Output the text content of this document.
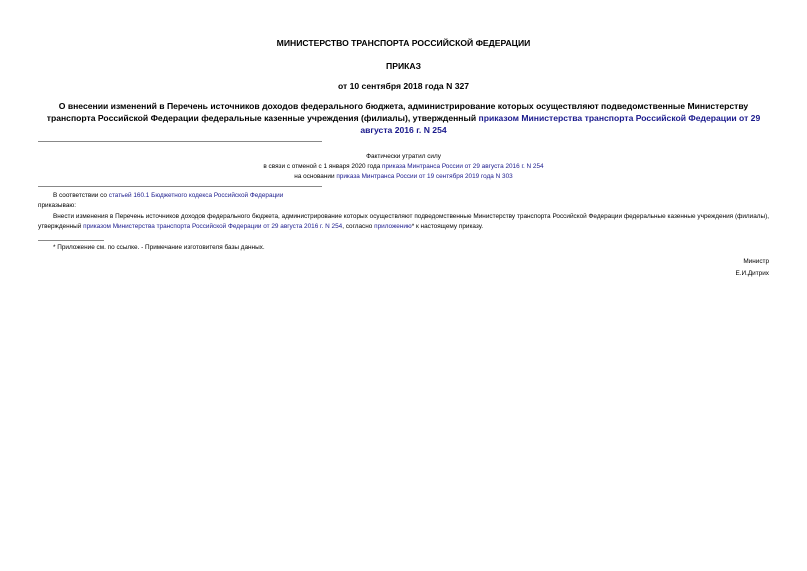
МИНИСТЕРСТВО ТРАНСПОРТА РОССИЙСКОЙ ФЕДЕРАЦИИ
ПРИКАЗ
от 10 сентября 2018 года N 327
О внесении изменений в Перечень источников доходов федерального бюджета, администрирование которых осуществляют подведомственные Министерству транспорта Российской Федерации федеральные казенные учреждения (филиалы), утвержденный приказом Министерства транспорта Российской Федерации от 29 августа 2016 г. N 254
Фактически утратил силу
в связи с отменой с 1 января 2020 года приказа Минтранса России от 29 августа 2016 г. N 254
на основании приказа Минтранса России от 19 сентября 2019 года N 303
В соответствии со статьей 160.1 Бюджетного кодекса Российской Федерации
приказываю:
Внести изменения в Перечень источников доходов федерального бюджета, администрирование которых осуществляют подведомственные Министерству транспорта Российской Федерации федеральные казенные учреждения (филиалы), утвержденный приказом Министерства транспорта Российской Федерации от 29 августа 2016 г. N 254, согласно приложению* к настоящему приказу.
* Приложение см. по ссылке. - Примечание изготовителя базы данных.
Министр
Е.И.Дитрих
